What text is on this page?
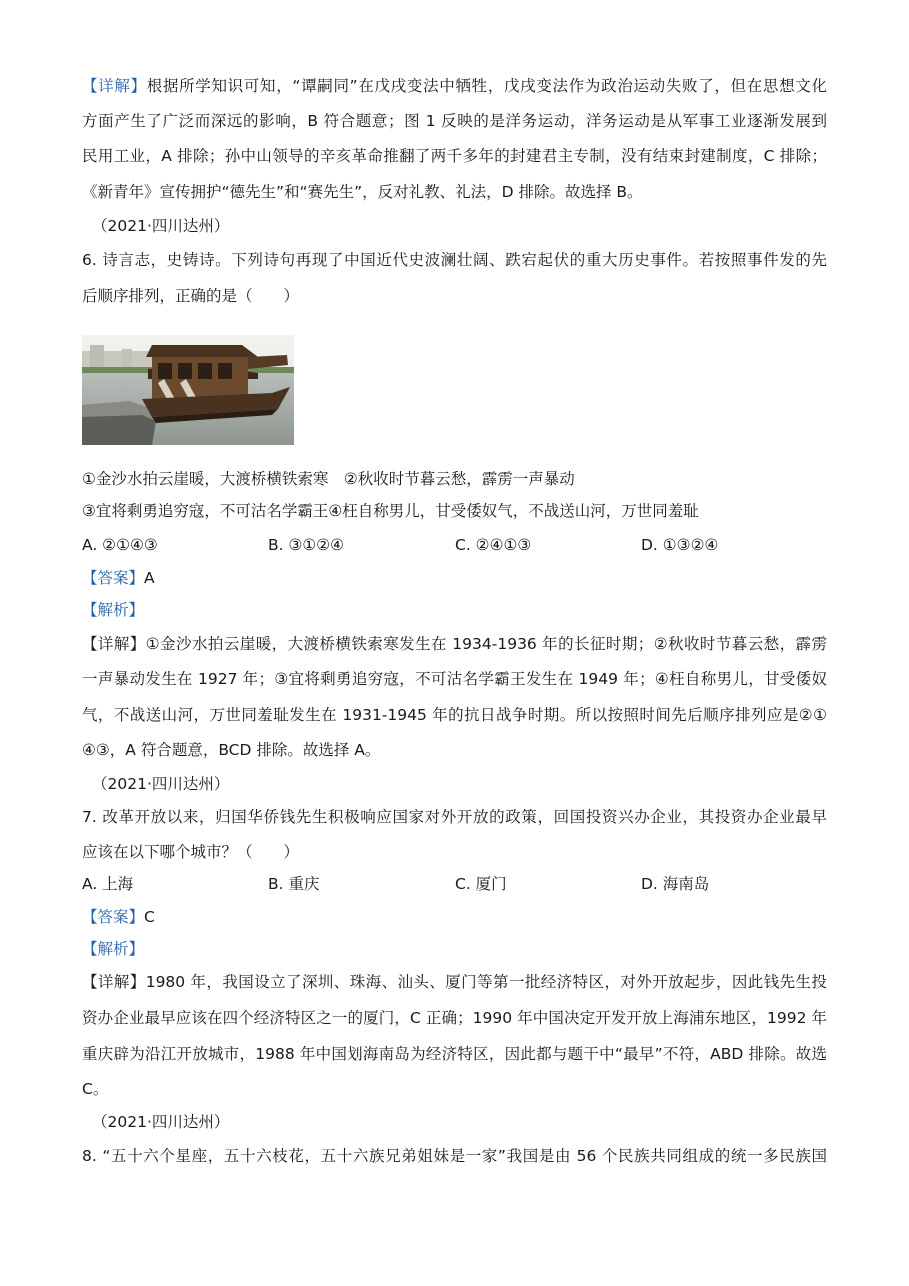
【详解】根据所学知识可知，“谭嗣同”在戊戌变法中牺牲，戊戌变法作为政治运动失败了，但在思想文化
方面产生了广泛而深远的影响，B 符合题意；图 1 反映的是洋务运动，洋务运动是从军事工业逐渐发展到
民用工业，A 排除；孙中山领导的辛亥革命推翻了两千多年的封建君主专制，没有结束封建制度，C 排除；
《新青年》宣传拥护“德先生”和“赛先生”，反对礼教、礼法，D 排除。故选择 B。
（2021·四川达州）
6. 诗言志，史铸诗。下列诗句再现了中国近代史波澜壮阔、跌宕起伏的重大历史事件。若按照事件发的先
后顺序排列，正确的是（　　）
①金沙水拍云崖暖，大渡桥横铁索寒　②秋收时节暮云愁，霹雳一声暴动
③宜将剩勇追穷寇，不可沽名学霸王④枉自称男儿，甘受倭奴气，不战送山河，万世同羞耻
A. ②①④③	B. ③①②④	C. ②④①③	D. ①③②④
【答案】A
【解析】
【详解】①金沙水拍云崖暖，大渡桥横铁索寒发生在 1934-1936 年的长征时期；②秋收时节暮云愁，霹雳
一声暴动发生在 1927 年；③宜将剩勇追穷寇，不可沽名学霸王发生在 1949 年；④枉自称男儿，甘受倭奴
气，不战送山河，万世同羞耻发生在 1931-1945 年的抗日战争时期。所以按照时间先后顺序排列应是②①
④③，A 符合题意，BCD 排除。故选择 A。
（2021·四川达州）
7. 改革开放以来，归国华侨钱先生积极响应国家对外开放的政策，回国投资兴办企业，其投资办企业最早
应该在以下哪个城市？（　　）
A. 上海	B. 重庆	C. 厦门	D. 海南岛
【答案】C
【解析】
【详解】1980 年，我国设立了深圳、珠海、汕头、厦门等第一批经济特区，对外开放起步，因此钱先生投
资办企业最早应该在四个经济特区之一的厦门，C 正确；1990 年中国决定开发开放上海浦东地区，1992 年
重庆辟为沿江开放城市，1988 年中国划海南岛为经济特区，因此都与题干中“最早”不符，ABD 排除。故选
C。
（2021·四川达州）
8. “五十六个星座，五十六枝花，五十六族兄弟姐妹是一家”我国是由 56 个民族共同组成的统一多民族国
